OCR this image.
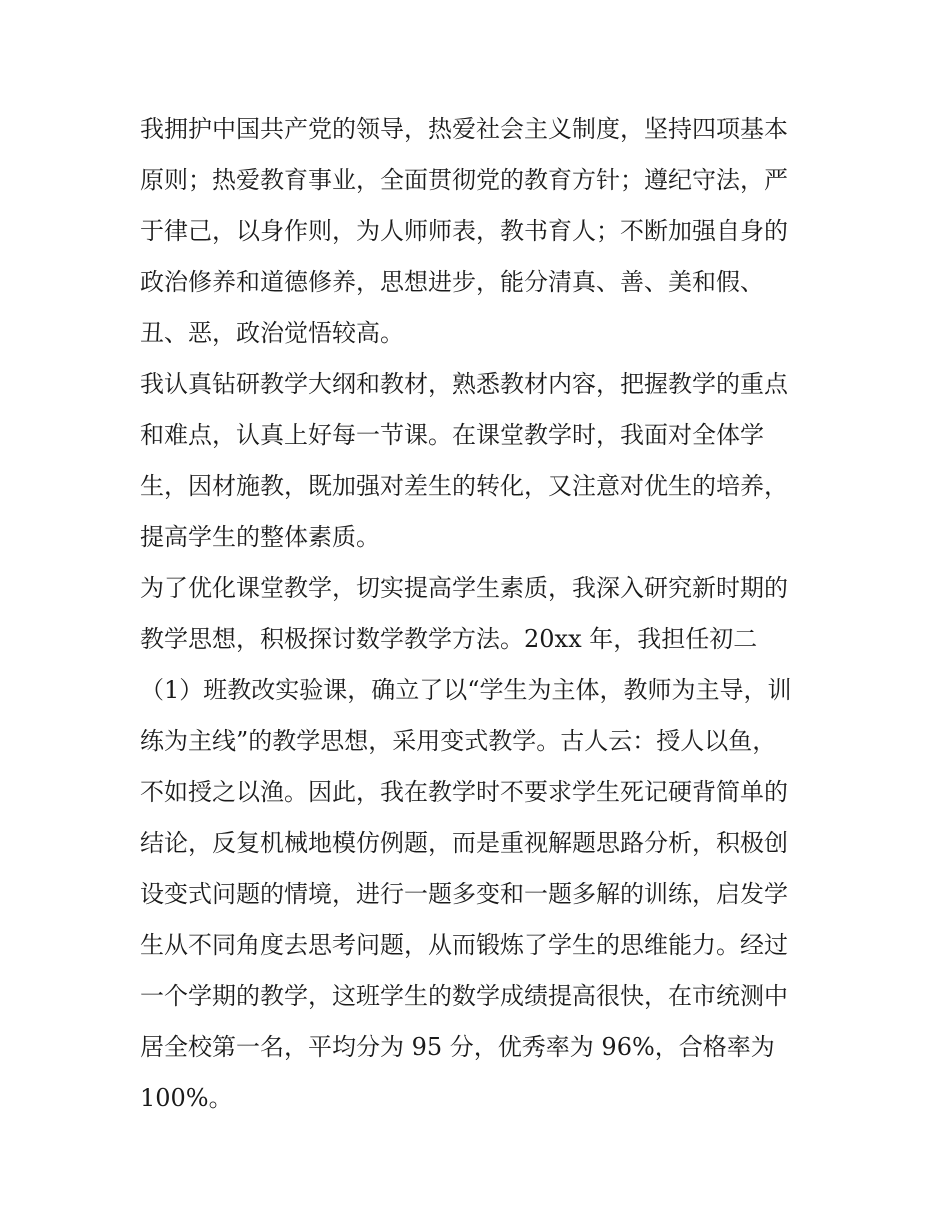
我拥护中国共产党的领导，热爱社会主义制度，坚持四项基本
原则；热爱教育事业，全面贯彻党的教育方针；遵纪守法，严
于律己，以身作则，为人师师表，教书育人；不断加强自身的
政治修养和道德修养，思想进步，能分清真、善、美和假、
丑、恶，政治觉悟较高。
我认真钻研教学大纲和教材，熟悉教材内容，把握教学的重点
和难点，认真上好每一节课。在课堂教学时，我面对全体学
生，因材施教，既加强对差生的转化，又注意对优生的培养，
提高学生的整体素质。
为了优化课堂教学，切实提高学生素质，我深入研究新时期的
教学思想，积极探讨数学教学方法。20xx 年，我担任初二
（1）班教改实验课，确立了以“学生为主体，教师为主导，训
练为主线”的教学思想，采用变式教学。古人云：授人以鱼，
不如授之以渔。因此，我在教学时不要求学生死记硬背简单的
结论，反复机械地模仿例题，而是重视解题思路分析，积极创
设变式问题的情境，进行一题多变和一题多解的训练，启发学
生从不同角度去思考问题，从而锻炼了学生的思维能力。经过
一个学期的教学，这班学生的数学成绩提高很快，在市统测中
居全校第一名，平均分为 95 分，优秀率为 96%，合格率为
100%。
